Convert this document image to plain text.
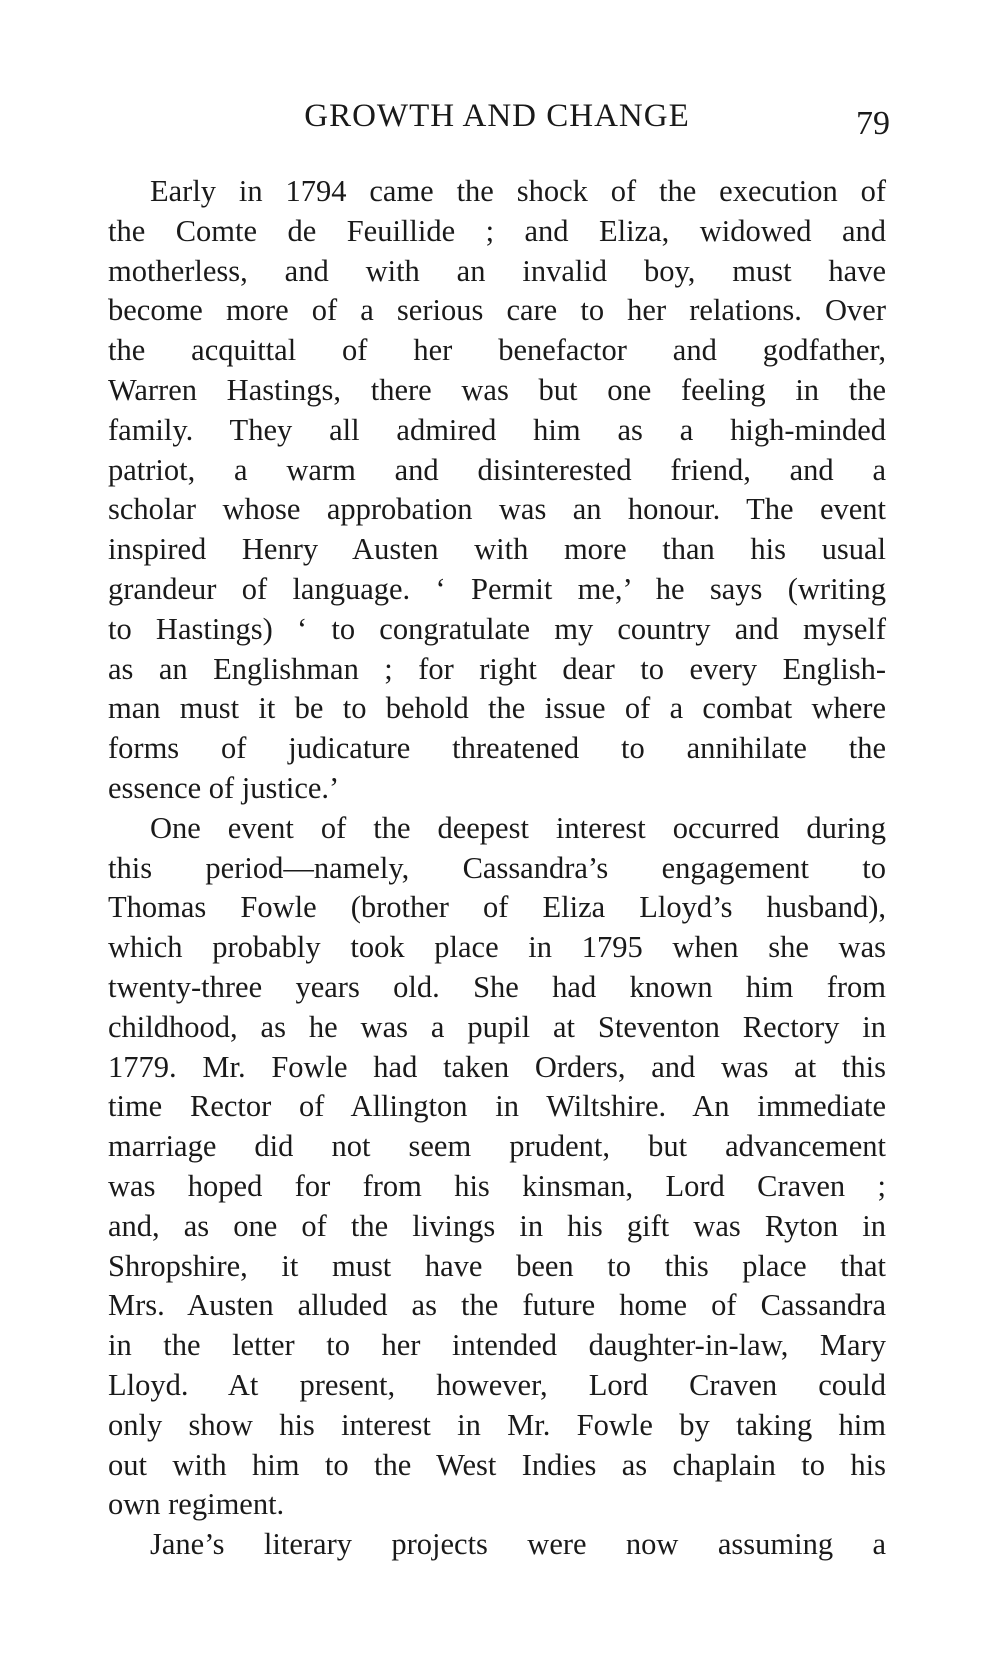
GROWTH AND CHANGE	79
Early in 1794 came the shock of the execution of
the Comte de Feuillide ; and Eliza, widowed and
motherless, and with an invalid boy, must have
become more of a serious care to her relations. Over
the acquittal of her benefactor and godfather,
Warren Hastings, there was but one feeling in the
family. They all admired him as a high-minded
patriot, a warm and disinterested friend, and a
scholar whose approbation was an honour. The event
inspired Henry Austen with more than his usual
grandeur of language. ‘ Permit me,’ he says (writing
to Hastings) ‘ to congratulate my country and myself
as an Englishman ; for right dear to every English-
man must it be to behold the issue of a combat where
forms of judicature threatened to annihilate the
essence of justice.’
One event of the deepest interest occurred during
this period—namely, Cassandra’s engagement to
Thomas Fowle (brother of Eliza Lloyd’s husband),
which probably took place in 1795 when she was
twenty-three years old. She had known him from
childhood, as he was a pupil at Steventon Rectory in
1779. Mr. Fowle had taken Orders, and was at this
time Rector of Allington in Wiltshire. An immediate
marriage did not seem prudent, but advancement
was hoped for from his kinsman, Lord Craven ;
and, as one of the livings in his gift was Ryton in
Shropshire, it must have been to this place that
Mrs. Austen alluded as the future home of Cassandra
in the letter to her intended daughter-in-law, Mary
Lloyd. At present, however, Lord Craven could
only show his interest in Mr. Fowle by taking him
out with him to the West Indies as chaplain to his
own regiment.
Jane’s literary projects were now assuming a
